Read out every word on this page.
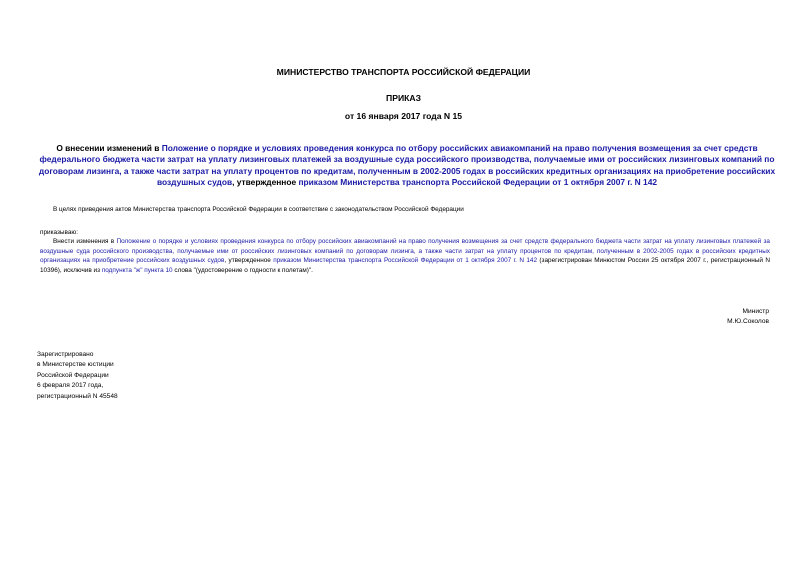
МИНИСТЕРСТВО ТРАНСПОРТА РОССИЙСКОЙ ФЕДЕРАЦИИ
ПРИКАЗ
от 16 января 2017 года N 15
О внесении изменений в Положение о порядке и условиях проведения конкурса по отбору российских авиакомпаний на право получения возмещения за счет средств федерального бюджета части затрат на уплату лизинговых платежей за воздушные суда российского производства, получаемые ими от российских лизинговых компаний по договорам лизинга, а также части затрат на уплату процентов по кредитам, полученным в 2002-2005 годах в российских кредитных организациях на приобретение российских воздушных судов, утвержденное приказом Министерства транспорта Российской Федерации от 1 октября 2007 г. N 142
В целях приведения актов Министерства транспорта Российской Федерации в соответствие с законодательством Российской Федерации
приказываю:
Внести изменения в Положение о порядке и условиях проведения конкурса по отбору российских авиакомпаний на право получения возмещения за счет средств федерального бюджета части затрат на уплату лизинговых платежей за воздушные суда российского производства, получаемые ими от российских лизинговых компаний по договорам лизинга, а также части затрат на уплату процентов по кредитам, полученным в 2002-2005 годах в российских кредитных организациях на приобретение российских воздушных судов, утвержденное приказом Министерства транспорта Российской Федерации от 1 октября 2007 г. N 142 (зарегистрирован Минюстом России 25 октября 2007 г., регистрационный N 10396), исключив из подпункта "ж" пункта 10 слова "(удостоверение о годности к полетам)".
Министр
М.Ю.Соколов
Зарегистрировано
в Министерстве юстиции
Российской Федерации
6 февраля 2017 года,
регистрационный N 45548
